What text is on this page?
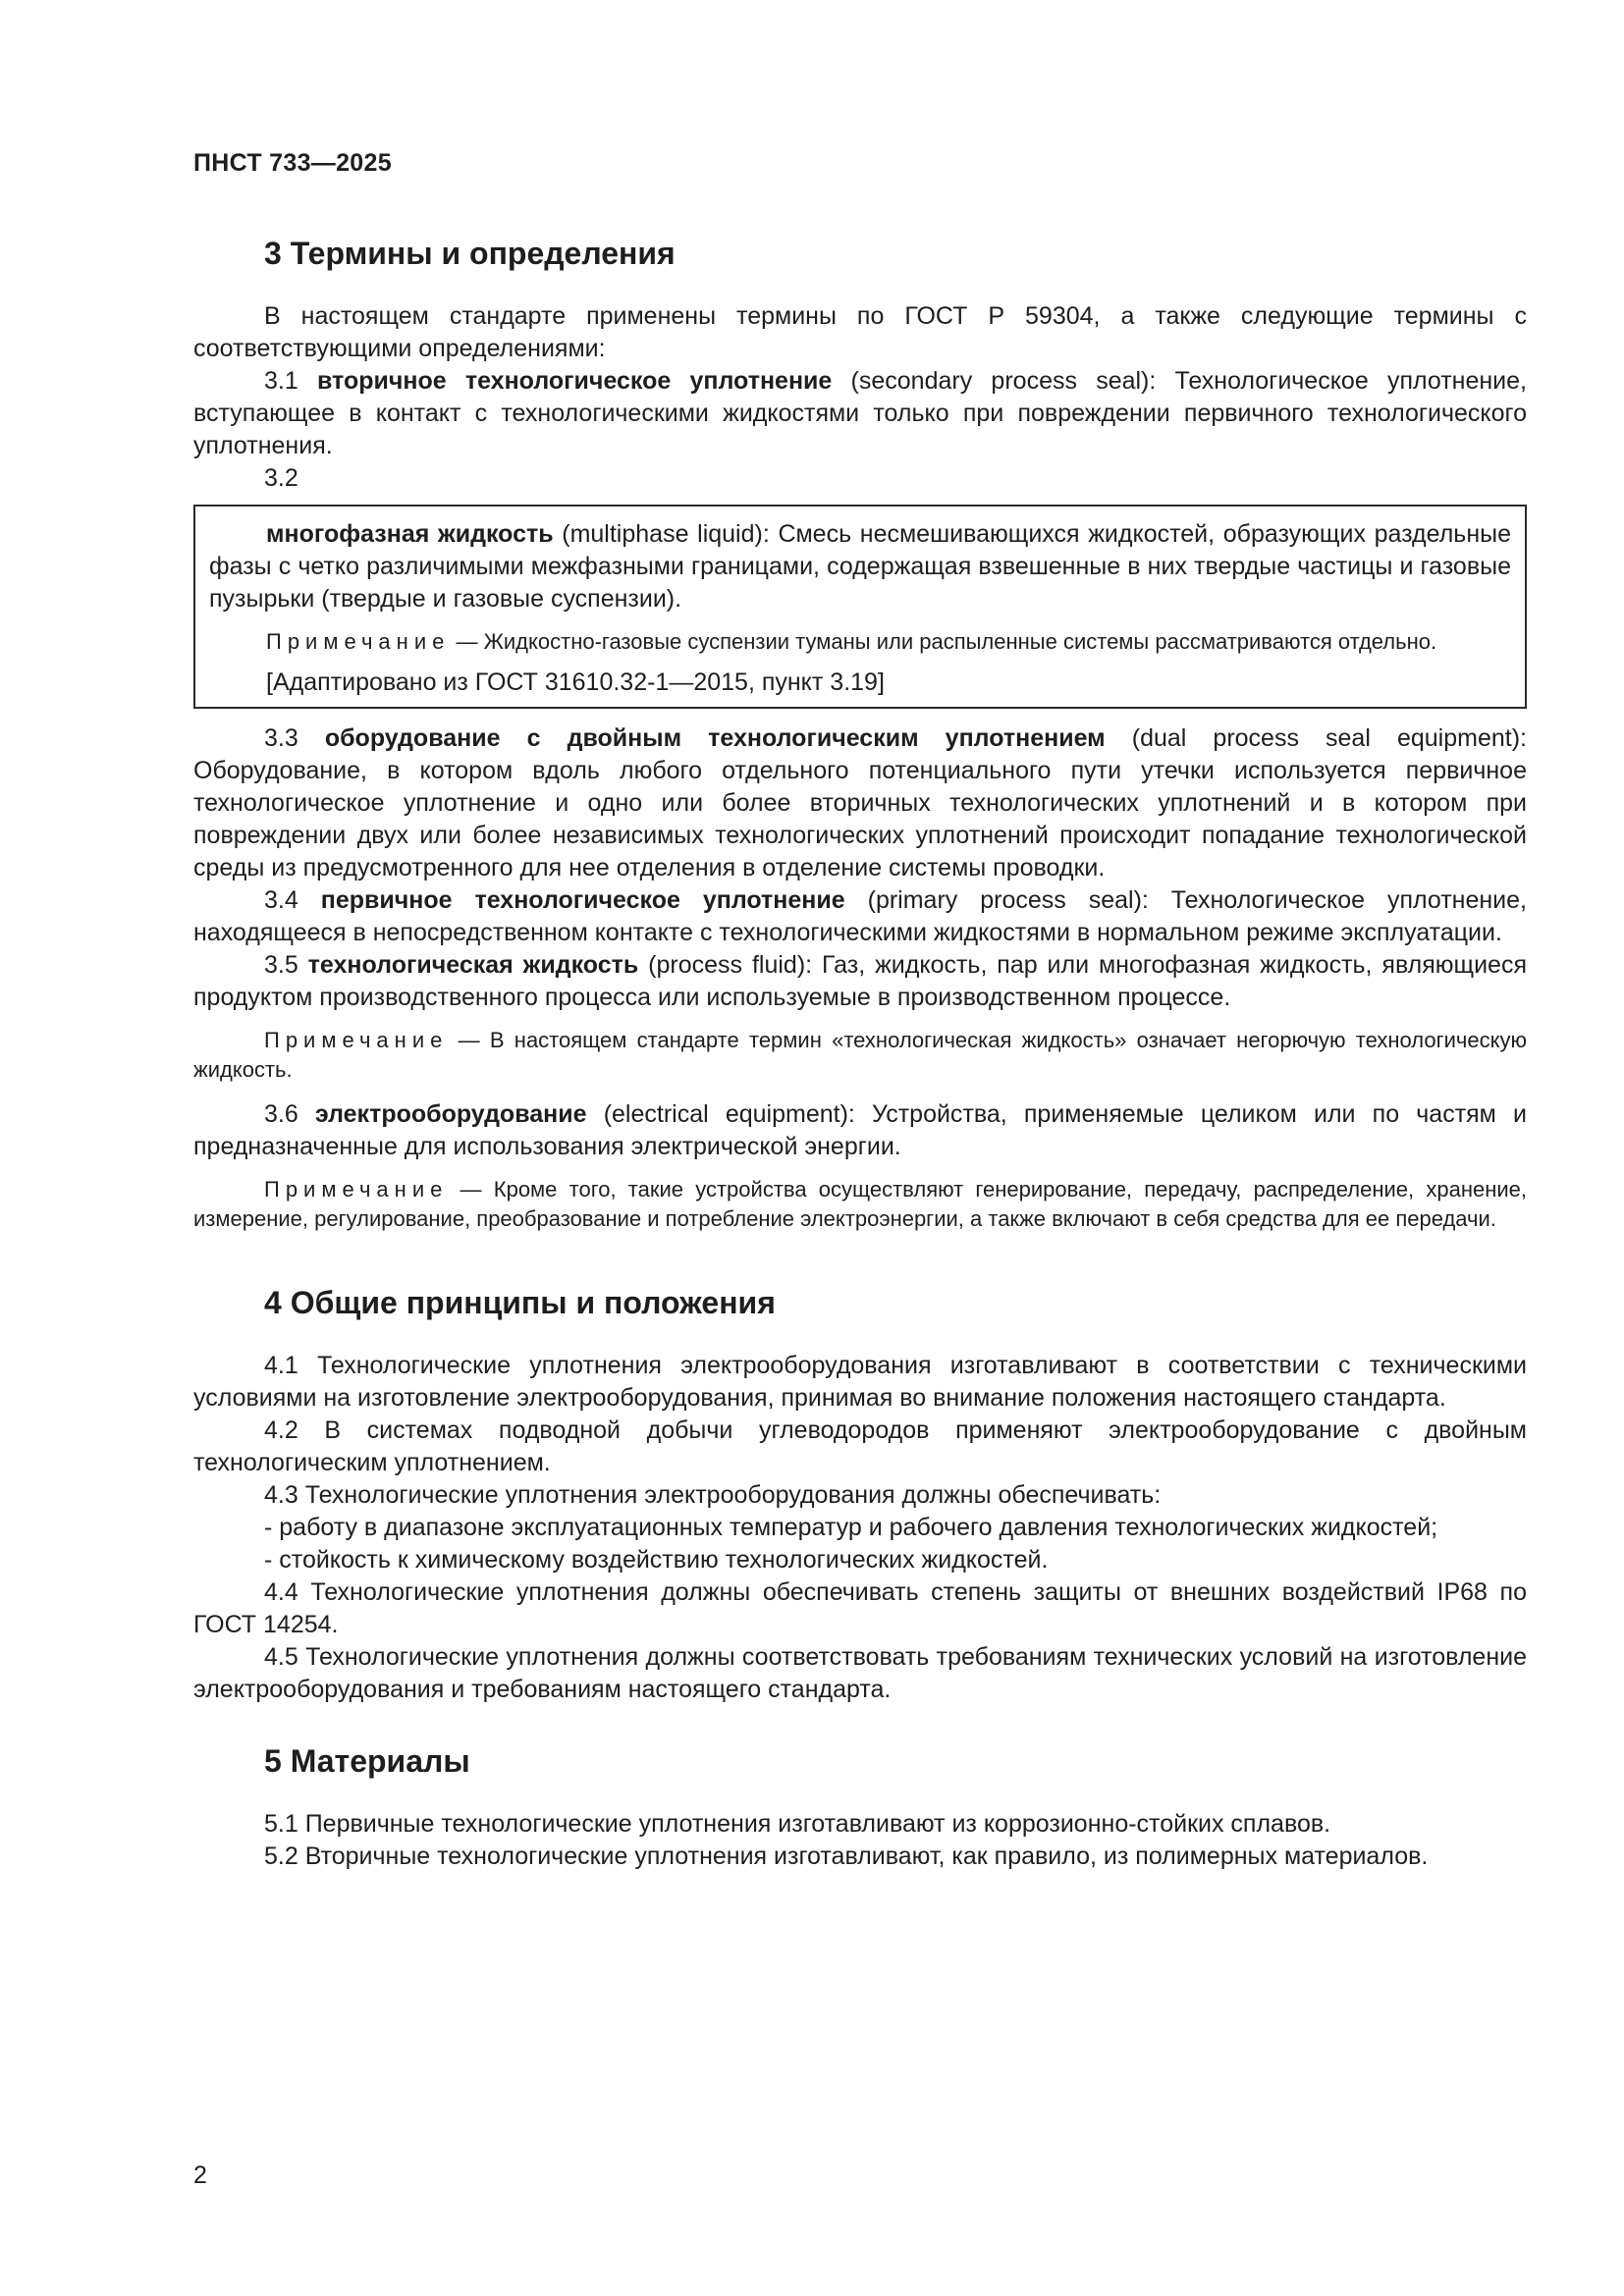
ПНСТ 733—2025
3 Термины и определения

В настоящем стандарте применены термины по ГОСТ Р 59304, а также следующие термины с соответствующими определениями:

3.1 вторичное технологическое уплотнение (secondary process seal): Технологическое уплотнение, вступающее в контакт с технологическими жидкостями только при повреждении первичного технологического уплотнения.

3.2

многофазная жидкость (multiphase liquid): Смесь несмешивающихся жидкостей, образующих раздельные фазы с четко различимыми межфазными границами, содержащая взвешенные в них твердые частицы и газовые пузырьки (твердые и газовые суспензии).

Примечание — Жидкостно-газовые суспензии туманы или распыленные системы рассматриваются отдельно.

[Адаптировано из ГОСТ 31610.32-1—2015, пункт 3.19]

3.3 оборудование с двойным технологическим уплотнением (dual process seal equipment): Оборудование, в котором вдоль любого отдельного потенциального пути утечки используется первичное технологическое уплотнение и одно или более вторичных технологических уплотнений и в котором при повреждении двух или более независимых технологических уплотнений происходит попадание технологической среды из предусмотренного для нее отделения в отделение системы проводки.

3.4 первичное технологическое уплотнение (primary process seal): Технологическое уплотнение, находящееся в непосредственном контакте с технологическими жидкостями в нормальном режиме эксплуатации.

3.5 технологическая жидкость (process fluid): Газ, жидкость, пар или многофазная жидкость, являющиеся продуктом производственного процесса или используемые в производственном процессе.

Примечание — В настоящем стандарте термин «технологическая жидкость» означает негорючую технологическую жидкость.

3.6 электрооборудование (electrical equipment): Устройства, применяемые целиком или по частям и предназначенные для использования электрической энергии.

Примечание — Кроме того, такие устройства осуществляют генерирование, передачу, распределение, хранение, измерение, регулирование, преобразование и потребление электроэнергии, а также включают в себя средства для ее передачи.

4 Общие принципы и положения

4.1 Технологические уплотнения электрооборудования изготавливают в соответствии с техническими условиями на изготовление электрооборудования, принимая во внимание положения настоящего стандарта.

4.2 В системах подводной добычи углеводородов применяют электрооборудование с двойным технологическим уплотнением.

4.3 Технологические уплотнения электрооборудования должны обеспечивать:

- работу в диапазоне эксплуатационных температур и рабочего давления технологических жидкостей;

- стойкость к химическому воздействию технологических жидкостей.

4.4 Технологические уплотнения должны обеспечивать степень защиты от внешних воздействий IP68 по ГОСТ 14254.

4.5 Технологические уплотнения должны соответствовать требованиям технических условий на изготовление электрооборудования и требованиям настоящего стандарта.

5 Материалы

5.1 Первичные технологические уплотнения изготавливают из коррозионно-стойких сплавов.

5.2 Вторичные технологические уплотнения изготавливают, как правило, из полимерных материалов.

2
